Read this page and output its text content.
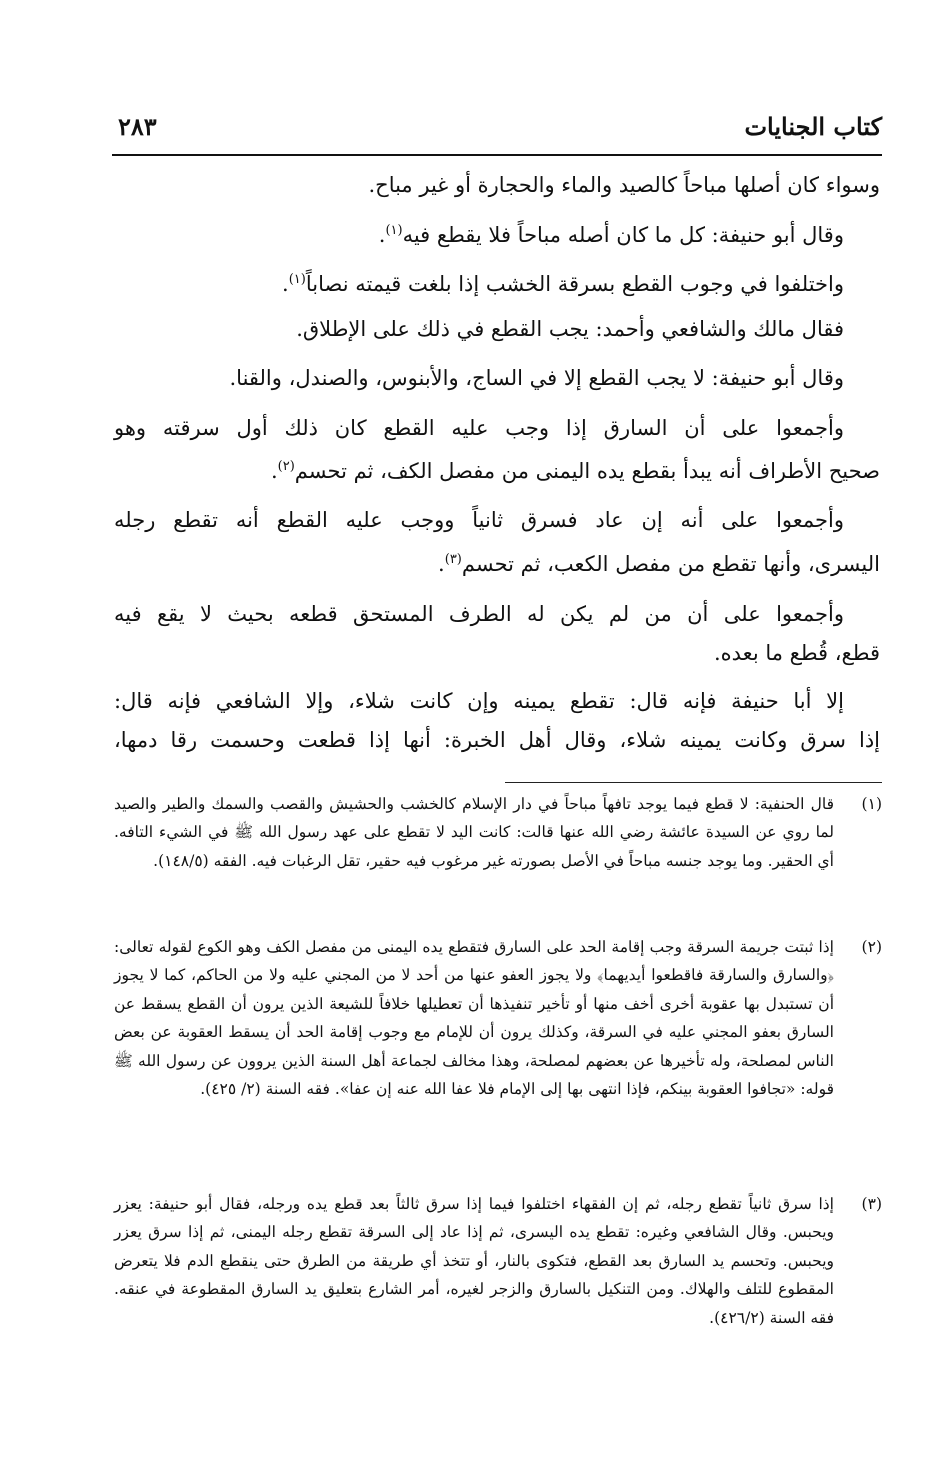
كتاب الجنايات
٢٨٣
وسواء كان أصلها مباحاً كالصيد والماء والحجارة أو غير مباح.
وقال أبو حنيفة: كل ما كان أصله مباحاً فلا يقطع فيه$^{(١)}$.
واختلفوا في وجوب القطع بسرقة الخشب إذا بلغت قيمته نصاباً$^{(١)}$.
فقال مالك والشافعي وأحمد: يجب القطع في ذلك على الإطلاق.
وقال أبو حنيفة: لا يجب القطع إلا في الساج، والأبنوس، والصندل، والقنا.
وأجمعوا على أن السارق إذا وجب عليه القطع كان ذلك أول سرقته وهو
صحيح الأطراف أنه يبدأ بقطع يده اليمنى من مفصل الكف، ثم تحسم$^{(٢)}$.
وأجمعوا على أنه إن عاد فسرق ثانياً ووجب عليه القطع أنه تقطع رجله
اليسرى، وأنها تقطع من مفصل الكعب، ثم تحسم$^{(٣)}$.
وأجمعوا على أن من لم يكن له الطرف المستحق قطعه بحيث لا يقع فيه
قطع، قُطع ما بعده.
إلا أبا حنيفة فإنه قال: تقطع يمينه وإن كانت شلاء، وإلا الشافعي فإنه قال:
إذا سرق وكانت يمينه شلاء، وقال أهل الخبرة: أنها إذا قطعت وحسمت رقا دمها،
(١)
قال الحنفية: لا قطع فيما يوجد تافهاً مباحاً في دار الإسلام كالخشب والحشيش والقصب والسمك والطير والصيد لما روي عن السيدة عائشة رضي الله عنها قالت: كانت اليد لا تقطع على عهد رسول الله ﷺ في الشيء التافه. أي الحقير. وما يوجد جنسه مباحاً في الأصل بصورته غير مرغوب فيه حقير، تقل الرغبات فيه. الفقه (١٤٨/٥).
(٢)
إذا ثبتت جريمة السرقة وجب إقامة الحد على السارق فتقطع يده اليمنى من مفصل الكف وهو الكوع لقوله تعالى: ﴿والسارق والسارقة فاقطعوا أيديهما﴾ ولا يجوز العفو عنها من أحد لا من المجني عليه ولا من الحاكم، كما لا يجوز أن تستبدل بها عقوبة أخرى أخف منها أو تأخير تنفيذها أن تعطيلها خلافاً للشيعة الذين يرون أن القطع يسقط عن السارق بعفو المجني عليه في السرقة، وكذلك يرون أن للإمام مع وجوب إقامة الحد أن يسقط العقوبة عن بعض الناس لمصلحة، وله تأخيرها عن بعضهم لمصلحة، وهذا مخالف لجماعة أهل السنة الذين يروون عن رسول الله ﷺ قوله: «تجافوا العقوبة بينكم، فإذا انتهى بها إلى الإمام فلا عفا الله عنه إن عفا». فقه السنة (٢/ ٤٢٥).
(٣)
إذا سرق ثانياً تقطع رجله، ثم إن الفقهاء اختلفوا فيما إذا سرق ثالثاً بعد قطع يده ورجله، فقال أبو حنيفة: يعزر ويحبس. وقال الشافعي وغيره: تقطع يده اليسرى، ثم إذا عاد إلى السرقة تقطع رجله اليمنى، ثم إذا سرق يعزر ويحبس. وتحسم يد السارق بعد القطع، فتكوى بالنار، أو تتخذ أي طريقة من الطرق حتى ينقطع الدم فلا يتعرض المقطوع للتلف والهلاك. ومن التنكيل بالسارق والزجر لغيره، أمر الشارع بتعليق يد السارق المقطوعة في عنقه. فقه السنة (٤٢٦/٢).
